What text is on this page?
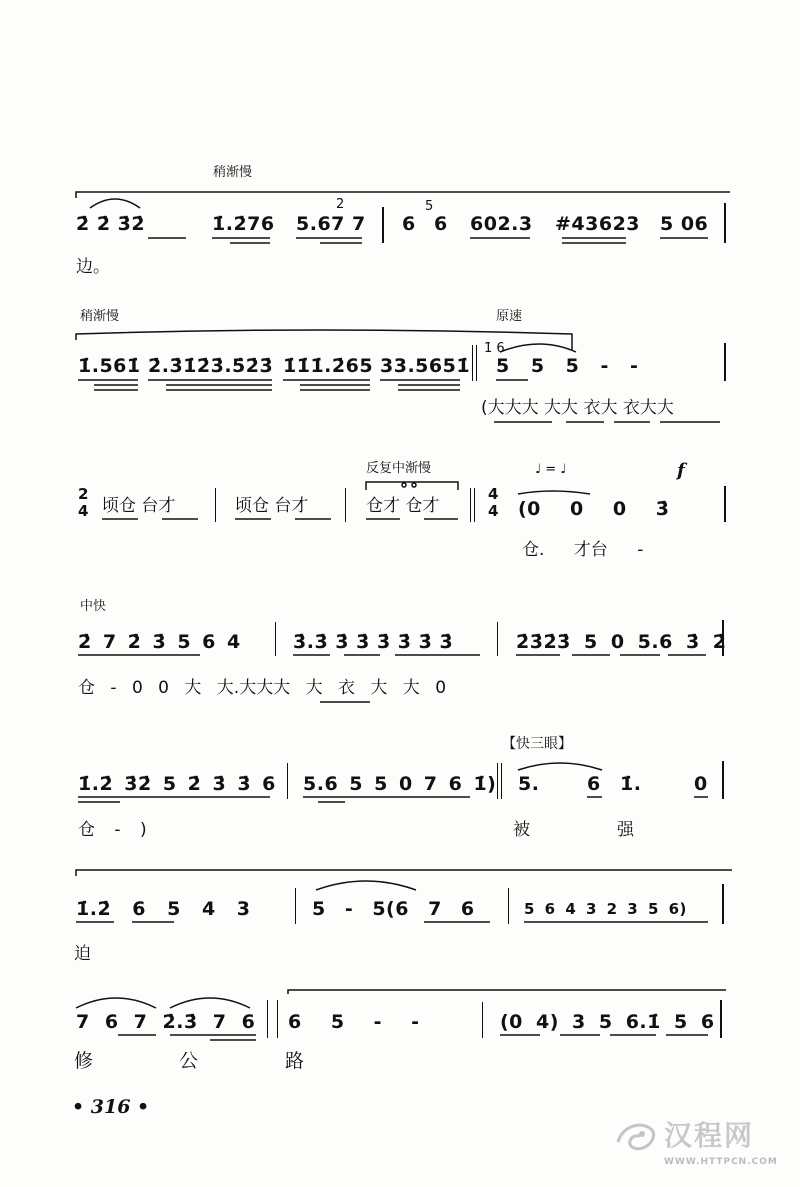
稍渐慢
2̇ 2̇ 3̇2̇	1̇.2̇76
2̇
5.67 7 6
5
6 602.3 #43623 5 06
边。
稍渐慢	原速
1̇.561̇ 2̇.3̇1̇2̇3̇.5̇2̇3̇ 1̇1̇1̇.2̇65 33.5651̇
1̇ 6
5 5 5 - -
(大大大 大大 衣大 衣大大
2
4 顷仓 台才	顷仓 台才
反复中渐慢
仓才 仓才
4
4
♩ = ♩	f
(0 0 0 3̇
仓. 才台 -
中快
2̇ 7 2̇ 3̇ 5 6 4	3̇.3̇ 3̇ 3̇ 3̇ 3̇ 3̇ 3̇	2̇3̇2̇3̇ 5 0 5.6 3̇ 2̇
仓 - 0 0 大 大.大大大 大 衣 大 大 0
【快三眼】
1̇.2̇ 3̇2̇ 5 2̇ 3̇ 3̇ 6 5.6 5 5 0 7 6 1̇) 5.	6 1̇.	0
仓 - )	被	强
1̇.2̇ 6 5 4 3	5 - 5(6 7 6	5 6 4 3 2 3 5 6)
迫
7 6 7 2̇.3̇ 7 6 6 5 - -	(0 4) 3 5 6.1̇ 5 6
修	公	路
• 316 •
汉程网
WWW.HTTPCN.COM
